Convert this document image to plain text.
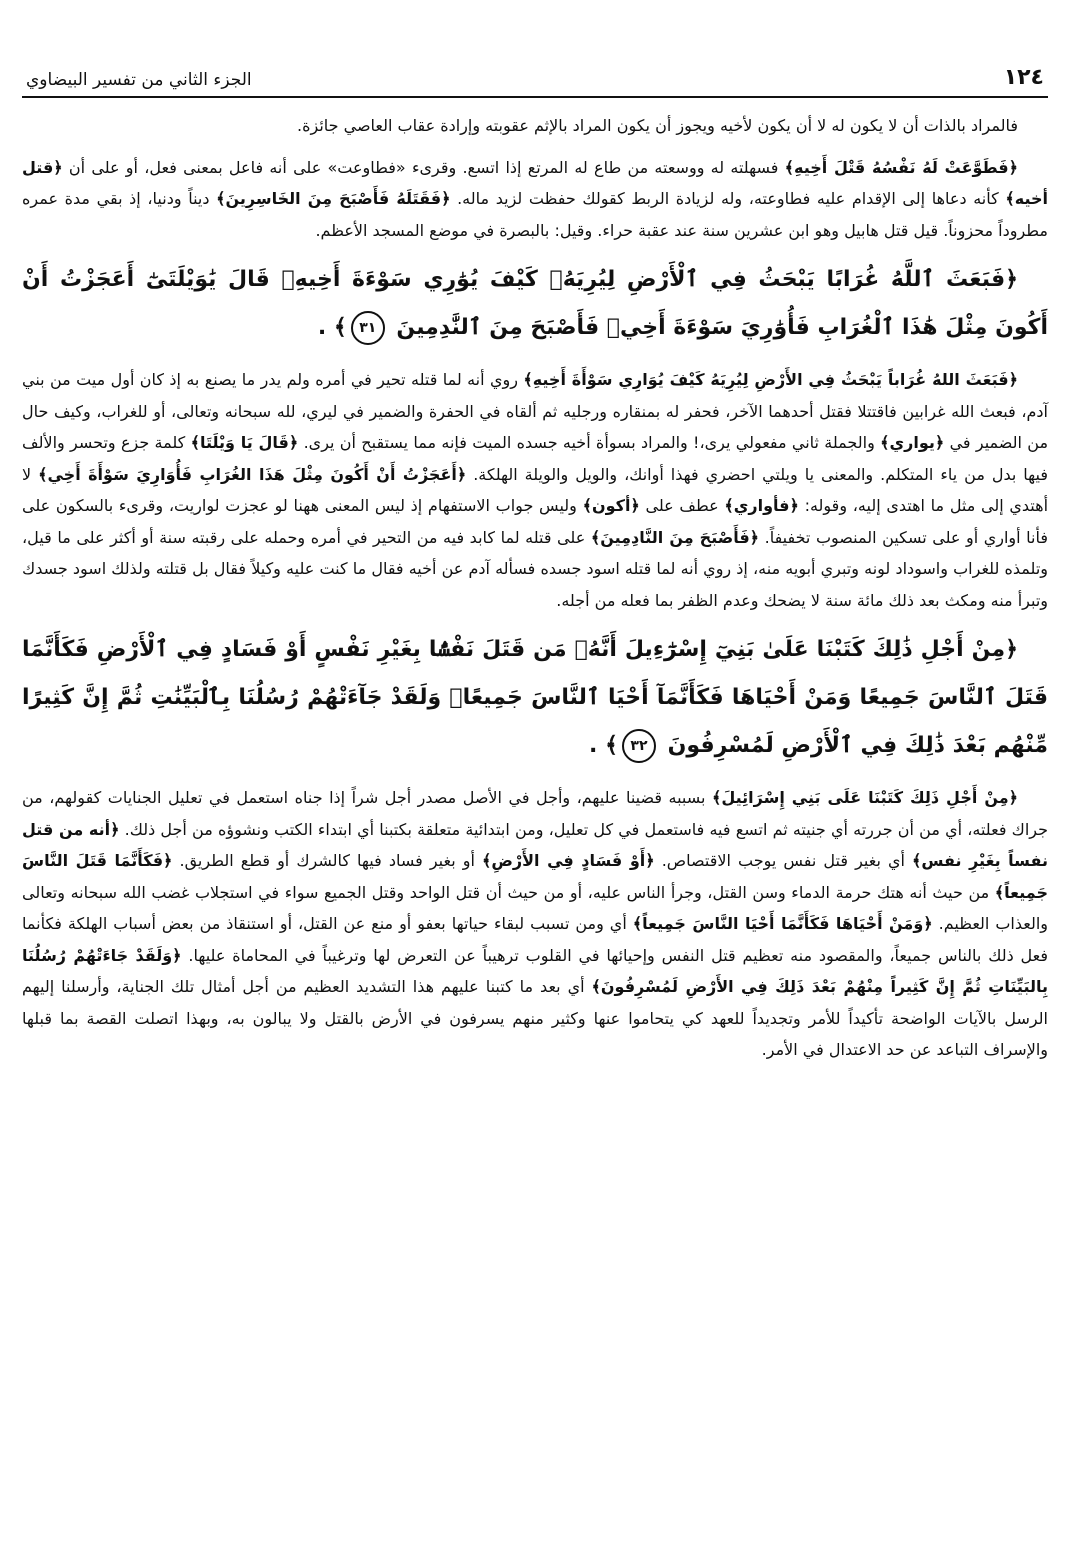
١٢٤
الجزء الثاني من تفسير البيضاوي

فالمراد بالذات أن لا يكون له لا أن يكون لأخيه ويجوز أن يكون المراد بالإثم عقوبته وإرادة عقاب العاصي جائزة.

﴿فَطَوَّعَتْ لَهُ نَفْسُهُ قَتْلَ أَخِيهِ﴾ فسهلته له ووسعته من طاع له المرتع إذا اتسع. وقرىء «فطاوعت» على أنه فاعل بمعنى فعل، أو على أن ﴿قتل أخيه﴾ كأنه دعاها إلى الإقدام عليه فطاوعته، وله لزيادة الربط كقولك حفظت لزيد ماله. ﴿فَقَتَلَهُ فَأَصْبَحَ مِنَ الخَاسِرِينَ﴾ ديناً ودنيا، إذ بقي مدة عمره مطروداً محزوناً. قيل قتل هابيل وهو ابن عشرين سنة عند عقبة حراء. وقيل: بالبصرة في موضع المسجد الأعظم.

﴿فَبَعَثَ ٱللَّهُ غُرَابًا يَبْحَثُ فِي ٱلْأَرْضِ لِيُرِيَهُۥ كَيْفَ يُوَٰرِي سَوْءَةَ أَخِيهِۚ قَالَ يَٰوَيْلَتَىٰٓ أَعَجَزْتُ أَنْ أَكُونَ مِثْلَ هَٰذَا ٱلْغُرَابِ فَأُوَٰرِيَ سَوْءَةَ أَخِيۖ فَأَصْبَحَ مِنَ ٱلنَّٰدِمِينَ ٣١﴾ .

﴿فَبَعَثَ اللهُ غُرَاباً يَبْحَثُ فِي الأَرْضِ لِيُرِيَهُ كَيْفَ يُوَارِي سَوْأَةَ أَخِيهِ﴾ روي أنه لما قتله تحير في أمره ولم يدر ما يصنع به إذ كان أول ميت من بني آدم، فبعث الله غرابين فاقتتلا فقتل أحدهما الآخر، فحفر له بمنقاره ورجليه ثم ألقاه في الحفرة والضمير في ليري، لله سبحانه وتعالى، أو للغراب، وكيف حال من الضمير في ﴿يواري﴾ والجملة ثاني مفعولي يرى،! والمراد بسوأة أخيه جسده الميت فإنه مما يستقبح أن يرى. ﴿قَالَ يَا وَيْلَتَا﴾ كلمة جزع وتحسر والألف فيها بدل من ياء المتكلم. والمعنى يا ويلتي احضري فهذا أوانك، والويل والويلة الهلكة. ﴿أَعَجَزْتُ أَنْ أَكُونَ مِثْلَ هَذَا الغُرَابِ فَأُوَارِيَ سَوْأَةَ أَخِي﴾ لا أهتدي إلى مثل ما اهتدى إليه، وقوله: ﴿فأواري﴾ عطف على ﴿أكون﴾ وليس جواب الاستفهام إذ ليس المعنى ههنا لو عجزت لواريت، وقرىء بالسكون على فأنا أواري أو على تسكين المنصوب تخفيفاً. ﴿فَأَصْبَحَ مِنَ النَّادِمِينَ﴾ على قتله لما كابد فيه من التحير في أمره وحمله على رقبته سنة أو أكثر على ما قيل، وتلمذه للغراب واسوداد لونه وتبري أبويه منه، إذ روي أنه لما قتله اسود جسده فسأله آدم عن أخيه فقال ما كنت عليه وكيلاً فقال بل قتلته ولذلك اسود جسدك وتبرأ منه ومكث بعد ذلك مائة سنة لا يضحك وعدم الظفر بما فعله من أجله.

﴿مِنْ أَجْلِ ذَٰلِكَ كَتَبْنَا عَلَىٰ بَنِيٓ إِسْرَٰٓءِيلَ أَنَّهُۥ مَن قَتَلَ نَفْسًۢا بِغَيْرِ نَفْسٍ أَوْ فَسَادٍ فِي ٱلْأَرْضِ فَكَأَنَّمَا قَتَلَ ٱلنَّاسَ جَمِيعًا وَمَنْ أَحْيَاهَا فَكَأَنَّمَآ أَحْيَا ٱلنَّاسَ جَمِيعًاۚ وَلَقَدْ جَآءَتْهُمْ رُسُلُنَا بِٱلْبَيِّنَٰتِ ثُمَّ إِنَّ كَثِيرًا مِّنْهُم بَعْدَ ذَٰلِكَ فِي ٱلْأَرْضِ لَمُسْرِفُونَ ٣٢﴾ .

﴿مِنْ أَجْلِ ذَلِكَ كَتَبْنَا عَلَى بَنِي إِسْرَائِيلَ﴾ بسببه قضينا عليهم، وأجل في الأصل مصدر أجل شراً إذا جناه استعمل في تعليل الجنايات كقولهم، من جراك فعلته، أي من أن جررته أي جنيته ثم اتسع فيه فاستعمل في كل تعليل، ومن ابتدائية متعلقة بكتبنا أي ابتداء الكتب ونشوؤه من أجل ذلك. ﴿أنه من قتل نفساً بِغَيْرِ نفس﴾ أي بغير قتل نفس يوجب الاقتصاص. ﴿أَوْ فَسَادٍ فِي الأَرْضِ﴾ أو بغير فساد فيها كالشرك أو قطع الطريق. ﴿فَكَأَنَّمَا قَتَلَ النَّاسَ جَمِيعاً﴾ من حيث أنه هتك حرمة الدماء وسن القتل، وجرأ الناس عليه، أو من حيث أن قتل الواحد وقتل الجميع سواء في استجلاب غضب الله سبحانه وتعالى والعذاب العظيم. ﴿وَمَنْ أَحْيَاهَا فَكَأَنَّمَا أَحْيَا النَّاسَ جَمِيعاً﴾ أي ومن تسبب لبقاء حياتها بعفو أو منع عن القتل، أو استنقاذ من بعض أسباب الهلكة فكأنما فعل ذلك بالناس جميعاً، والمقصود منه تعظيم قتل النفس وإحيائها في القلوب ترهيباً عن التعرض لها وترغيباً في المحاماة عليها. ﴿وَلَقَدْ جَاءَتْهُمْ رُسُلُنَا بِالبَيِّنَاتِ ثُمَّ إِنَّ كَثِيراً مِنْهُمْ بَعْدَ ذَلِكَ فِي الأَرْضِ لَمُسْرِفُونَ﴾ أي بعد ما كتبنا عليهم هذا التشديد العظيم من أجل أمثال تلك الجناية، وأرسلنا إليهم الرسل بالآيات الواضحة تأكيداً للأمر وتجديداً للعهد كي يتحاموا عنها وكثير منهم يسرفون في الأرض بالقتل ولا يبالون به، وبهذا اتصلت القصة بما قبلها والإسراف التباعد عن حد الاعتدال في الأمر.
